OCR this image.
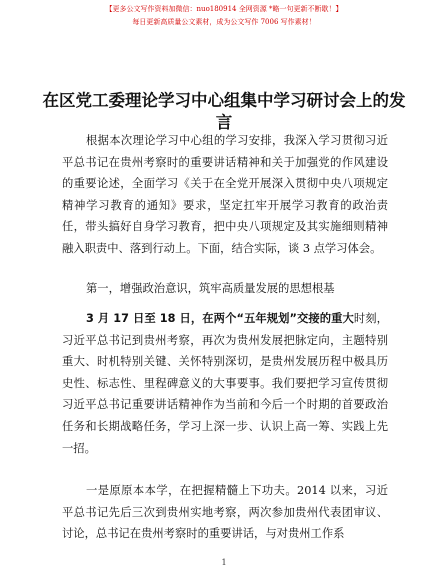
【更多公文写作资料加微信：nuo180914 全网资源 *略一句更新不断歇！】
每日更新高质量公文素材，成为公文写作 7006 写作素材！
在区党工委理论学习中心组集中学习研讨会上的发言

根据本次理论学习中心组的学习安排，我深入学习贯彻习近平总书记在贵州考察时的重要讲话精神和关于加强党的作风建设的重要论述，全面学习《关于在全党开展深入贯彻中央八项规定精神学习教育的通知》要求，坚定扛牢开展学习教育的政治责任，带头搞好自身学习教育，把中央八项规定及其实施细则精神融入职责中、落到行动上。下面，结合实际，谈 3 点学习体会。

第一，增强政治意识，筑牢高质量发展的思想根基

3 月 17 日至 18 日，在两个“五年规划”交接的重大时刻，习近平总书记到贵州考察，再次为贵州发展把脉定向，主题特别重大、时机特别关键、关怀特别深切，是贵州发展历程中极具历史性、标志性、里程碑意义的大事要事。我们要把学习宣传贯彻习近平总书记重要讲话精神作为当前和今后一个时期的首要政治任务和长期战略任务，学习上深一步、认识上高一筹、实践上先一招。

一是原原本本学，在把握精髓上下功夫。2014 以来，习近平总书记先后三次到贵州实地考察，两次参加贵州代表团审议、讨论，总书记在贵州考察时的重要讲话，与对贵州工作系

1
